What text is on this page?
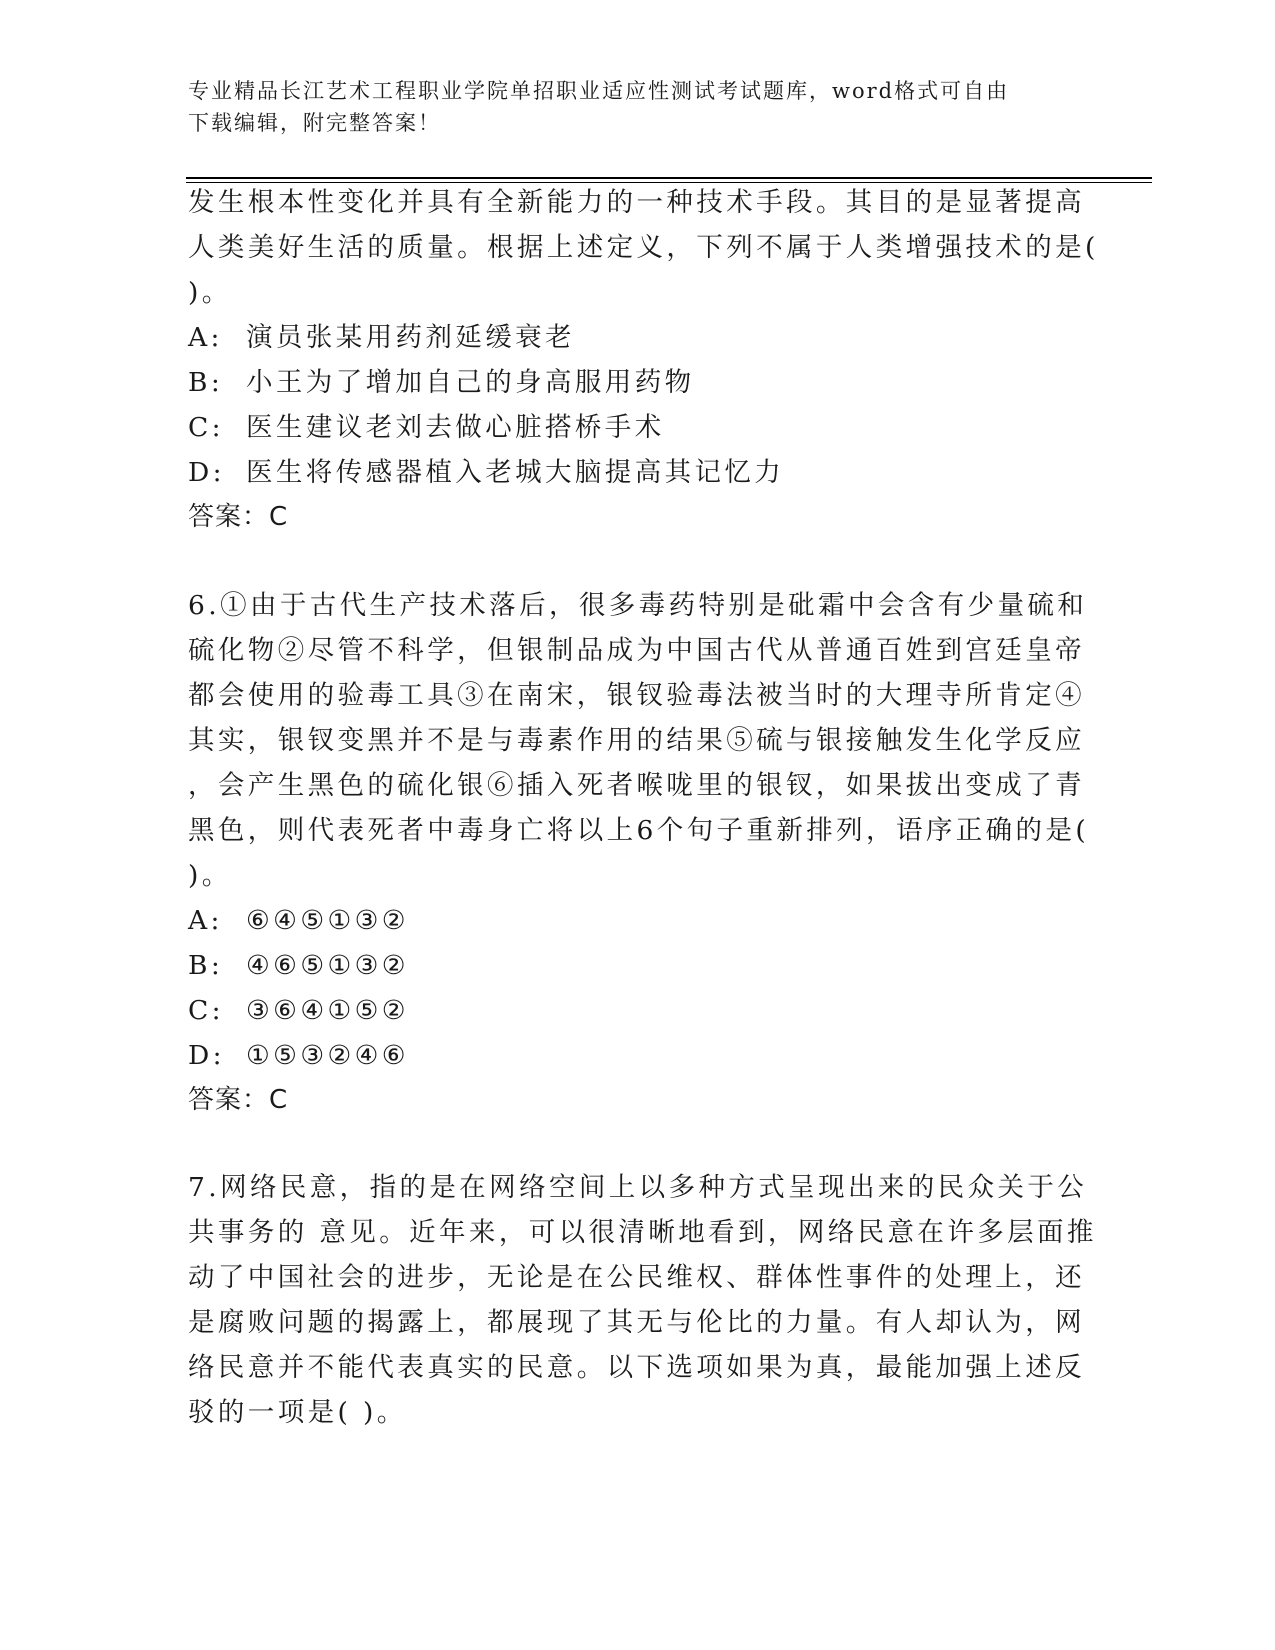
专业精品长江艺术工程职业学院单招职业适应性测试考试题库，word格式可自由
下载编辑，附完整答案！
发生根本性变化并具有全新能力的一种技术手段。其目的是显著提高
人类美好生活的质量。根据上述定义，下列不属于人类增强技术的是(
)。
A: 演员张某用药剂延缓衰老
B: 小王为了增加自己的身高服用药物
C: 医生建议老刘去做心脏搭桥手术
D: 医生将传感器植入老城大脑提高其记忆力
答案：C
6.①由于古代生产技术落后，很多毒药特别是砒霜中会含有少量硫和
硫化物②尽管不科学，但银制品成为中国古代从普通百姓到宫廷皇帝
都会使用的验毒工具③在南宋，银钗验毒法被当时的大理寺所肯定④
其实，银钗变黑并不是与毒素作用的结果⑤硫与银接触发生化学反应
，会产生黑色的硫化银⑥插入死者喉咙里的银钗，如果拔出变成了青
黑色，则代表死者中毒身亡将以上6个句子重新排列，语序正确的是(
)。
A: ⑥④⑤①③②
B: ④⑥⑤①③②
C: ③⑥④①⑤②
D: ①⑤③②④⑥
答案：C
7.网络民意，指的是在网络空间上以多种方式呈现出来的民众关于公
共事务的 意见。近年来，可以很清晰地看到，网络民意在许多层面推
动了中国社会的进步，无论是在公民维权、群体性事件的处理上，还
是腐败问题的揭露上，都展现了其无与伦比的力量。有人却认为，网
络民意并不能代表真实的民意。以下选项如果为真，最能加强上述反
驳的一项是( )。
